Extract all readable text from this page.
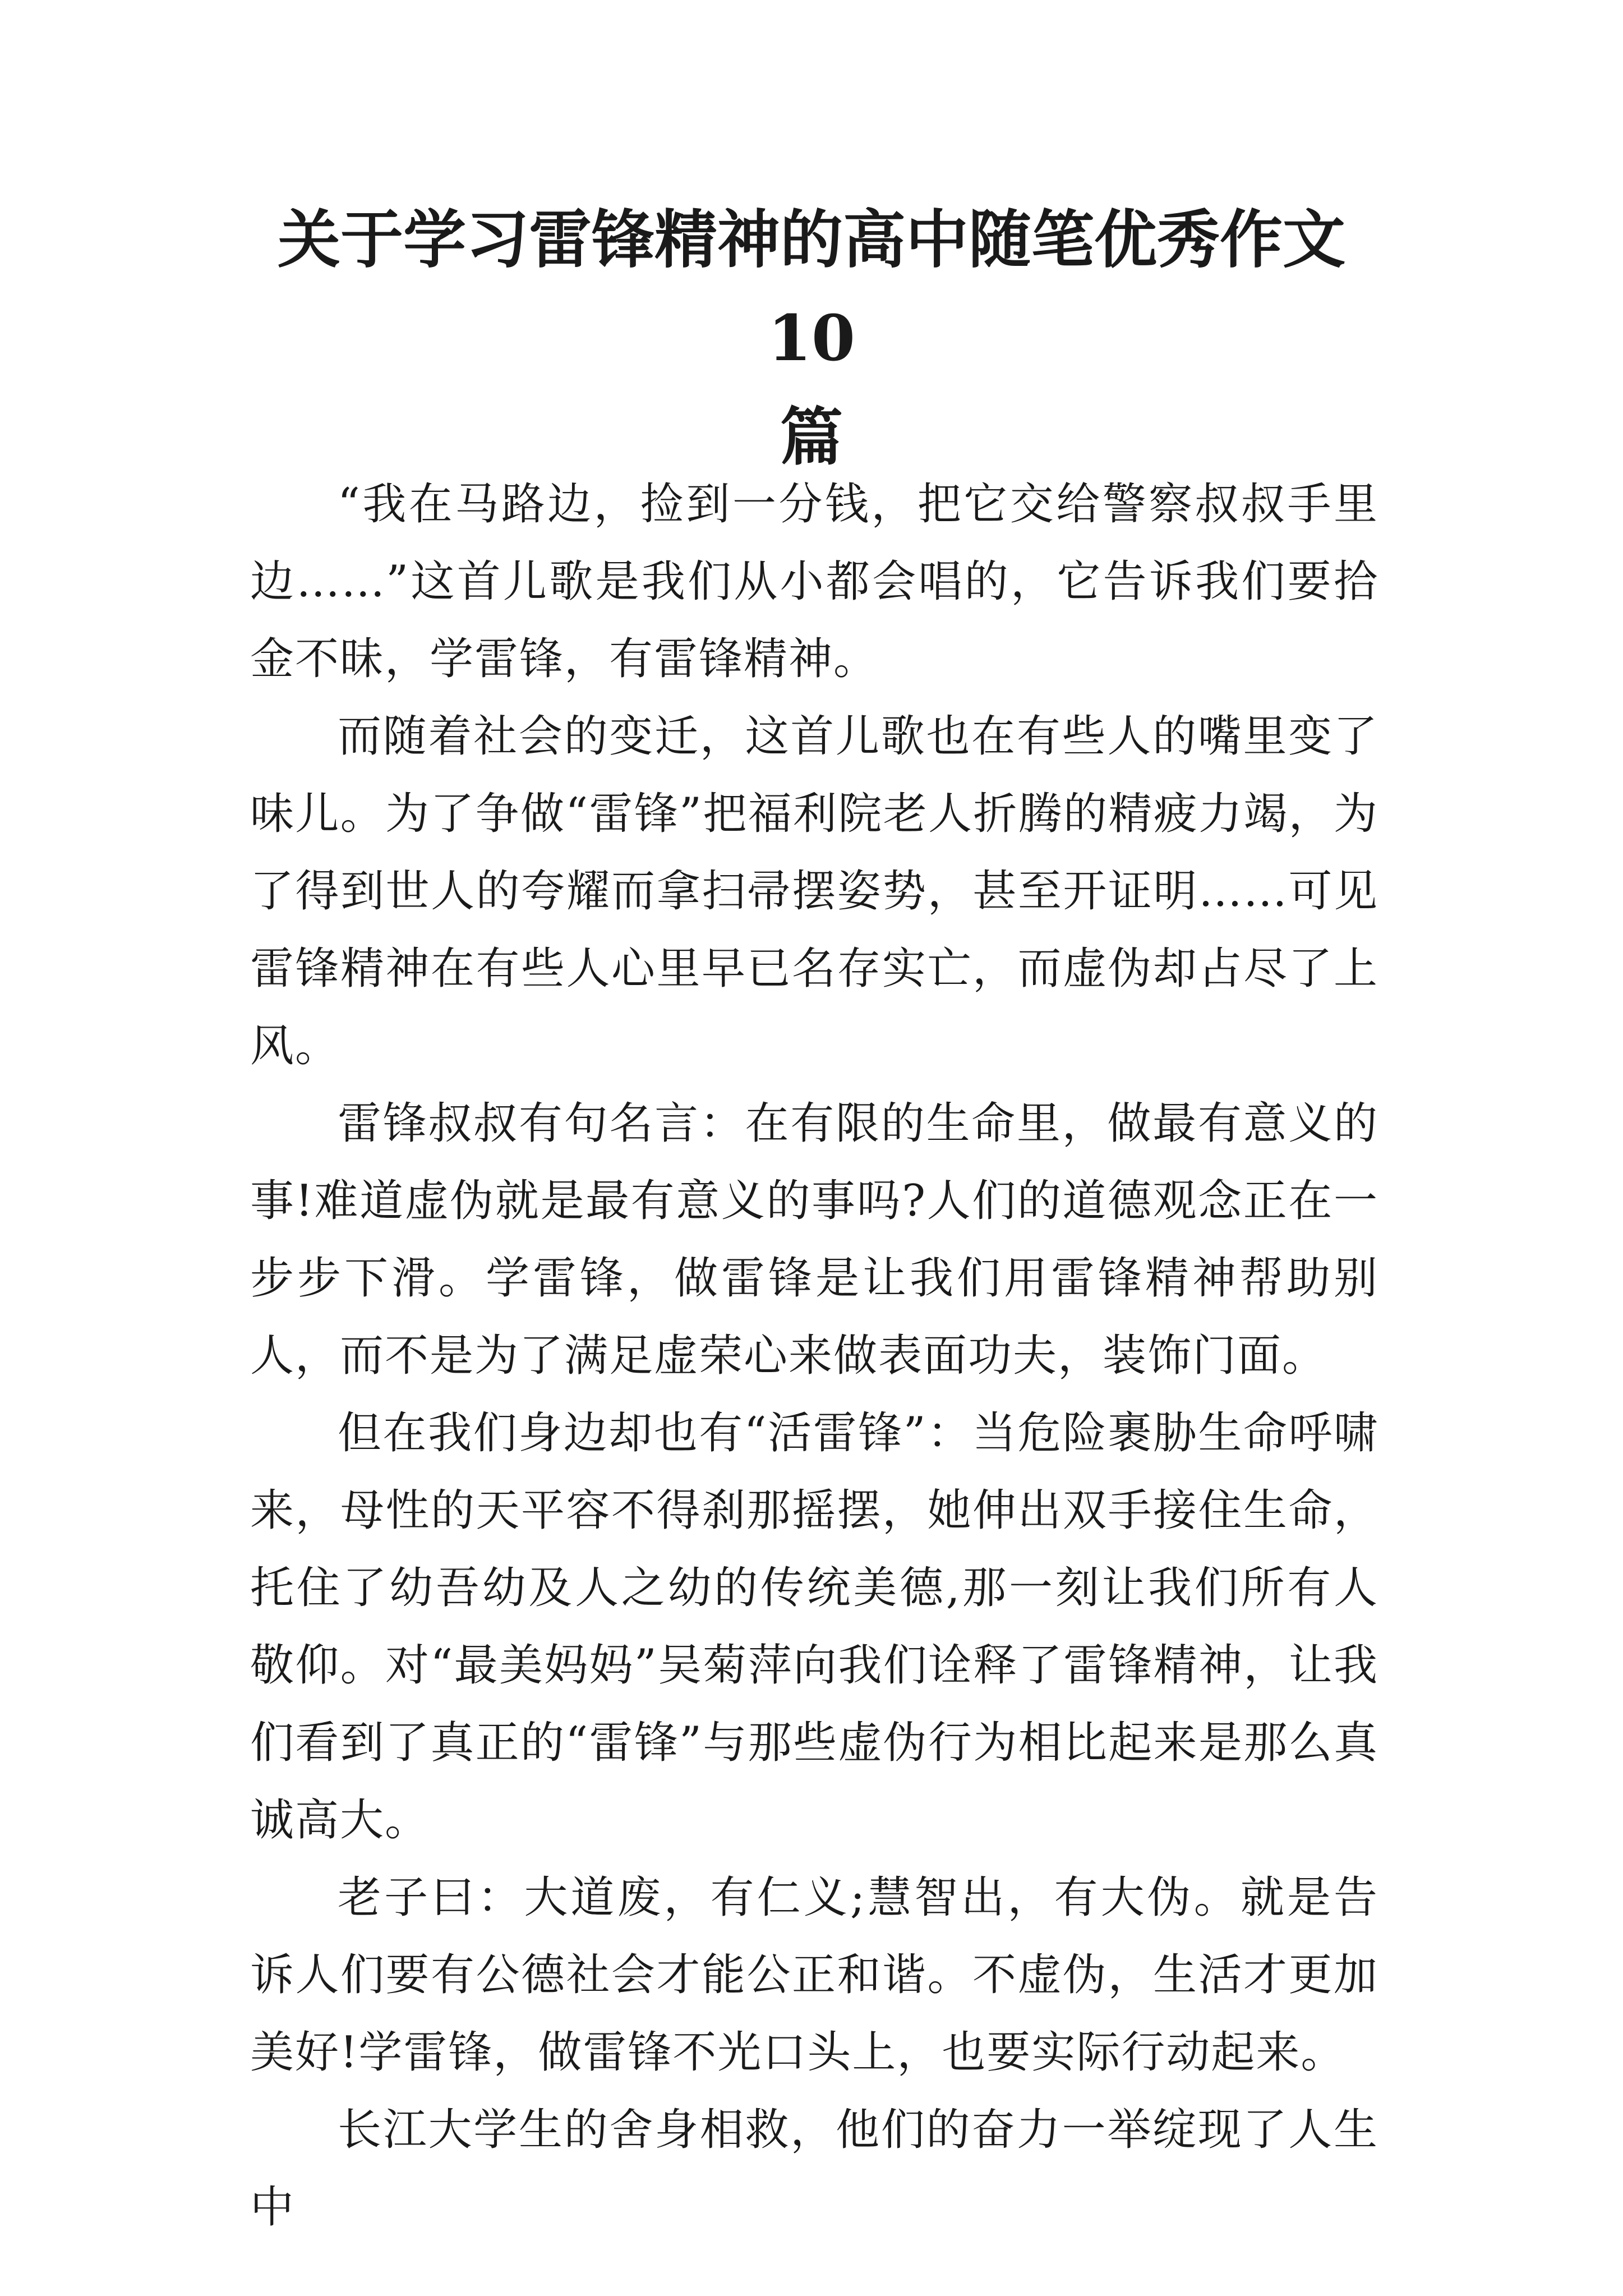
关于学习雷锋精神的高中随笔优秀作文10
篇

“我在马路边，捡到一分钱，把它交给警察叔叔手里边……”这首儿歌是我们从小都会唱的，它告诉我们要拾金不昧，学雷锋，有雷锋精神。

而随着社会的变迁，这首儿歌也在有些人的嘴里变了味儿。为了争做“雷锋”把福利院老人折腾的精疲力竭，为了得到世人的夸耀而拿扫帚摆姿势，甚至开证明……可见雷锋精神在有些人心里早已名存实亡，而虚伪却占尽了上风。

雷锋叔叔有句名言：在有限的生命里，做最有意义的事!难道虚伪就是最有意义的事吗?人们的道德观念正在一步步下滑。学雷锋，做雷锋是让我们用雷锋精神帮助别人，而不是为了满足虚荣心来做表面功夫，装饰门面。

但在我们身边却也有“活雷锋”：当危险裹胁生命呼啸来，母性的天平容不得刹那摇摆，她伸出双手接住生命，托住了幼吾幼及人之幼的传统美德,那一刻让我们所有人敬仰。对“最美妈妈”吴菊萍向我们诠释了雷锋精神，让我们看到了真正的“雷锋”与那些虚伪行为相比起来是那么真诚高大。

老子曰：大道废，有仁义;慧智出，有大伪。就是告诉人们要有公德社会才能公正和谐。不虚伪，生活才更加美好!学雷锋，做雷锋不光口头上，也要实际行动起来。

长江大学生的舍身相救，他们的奋力一举绽现了人生中
